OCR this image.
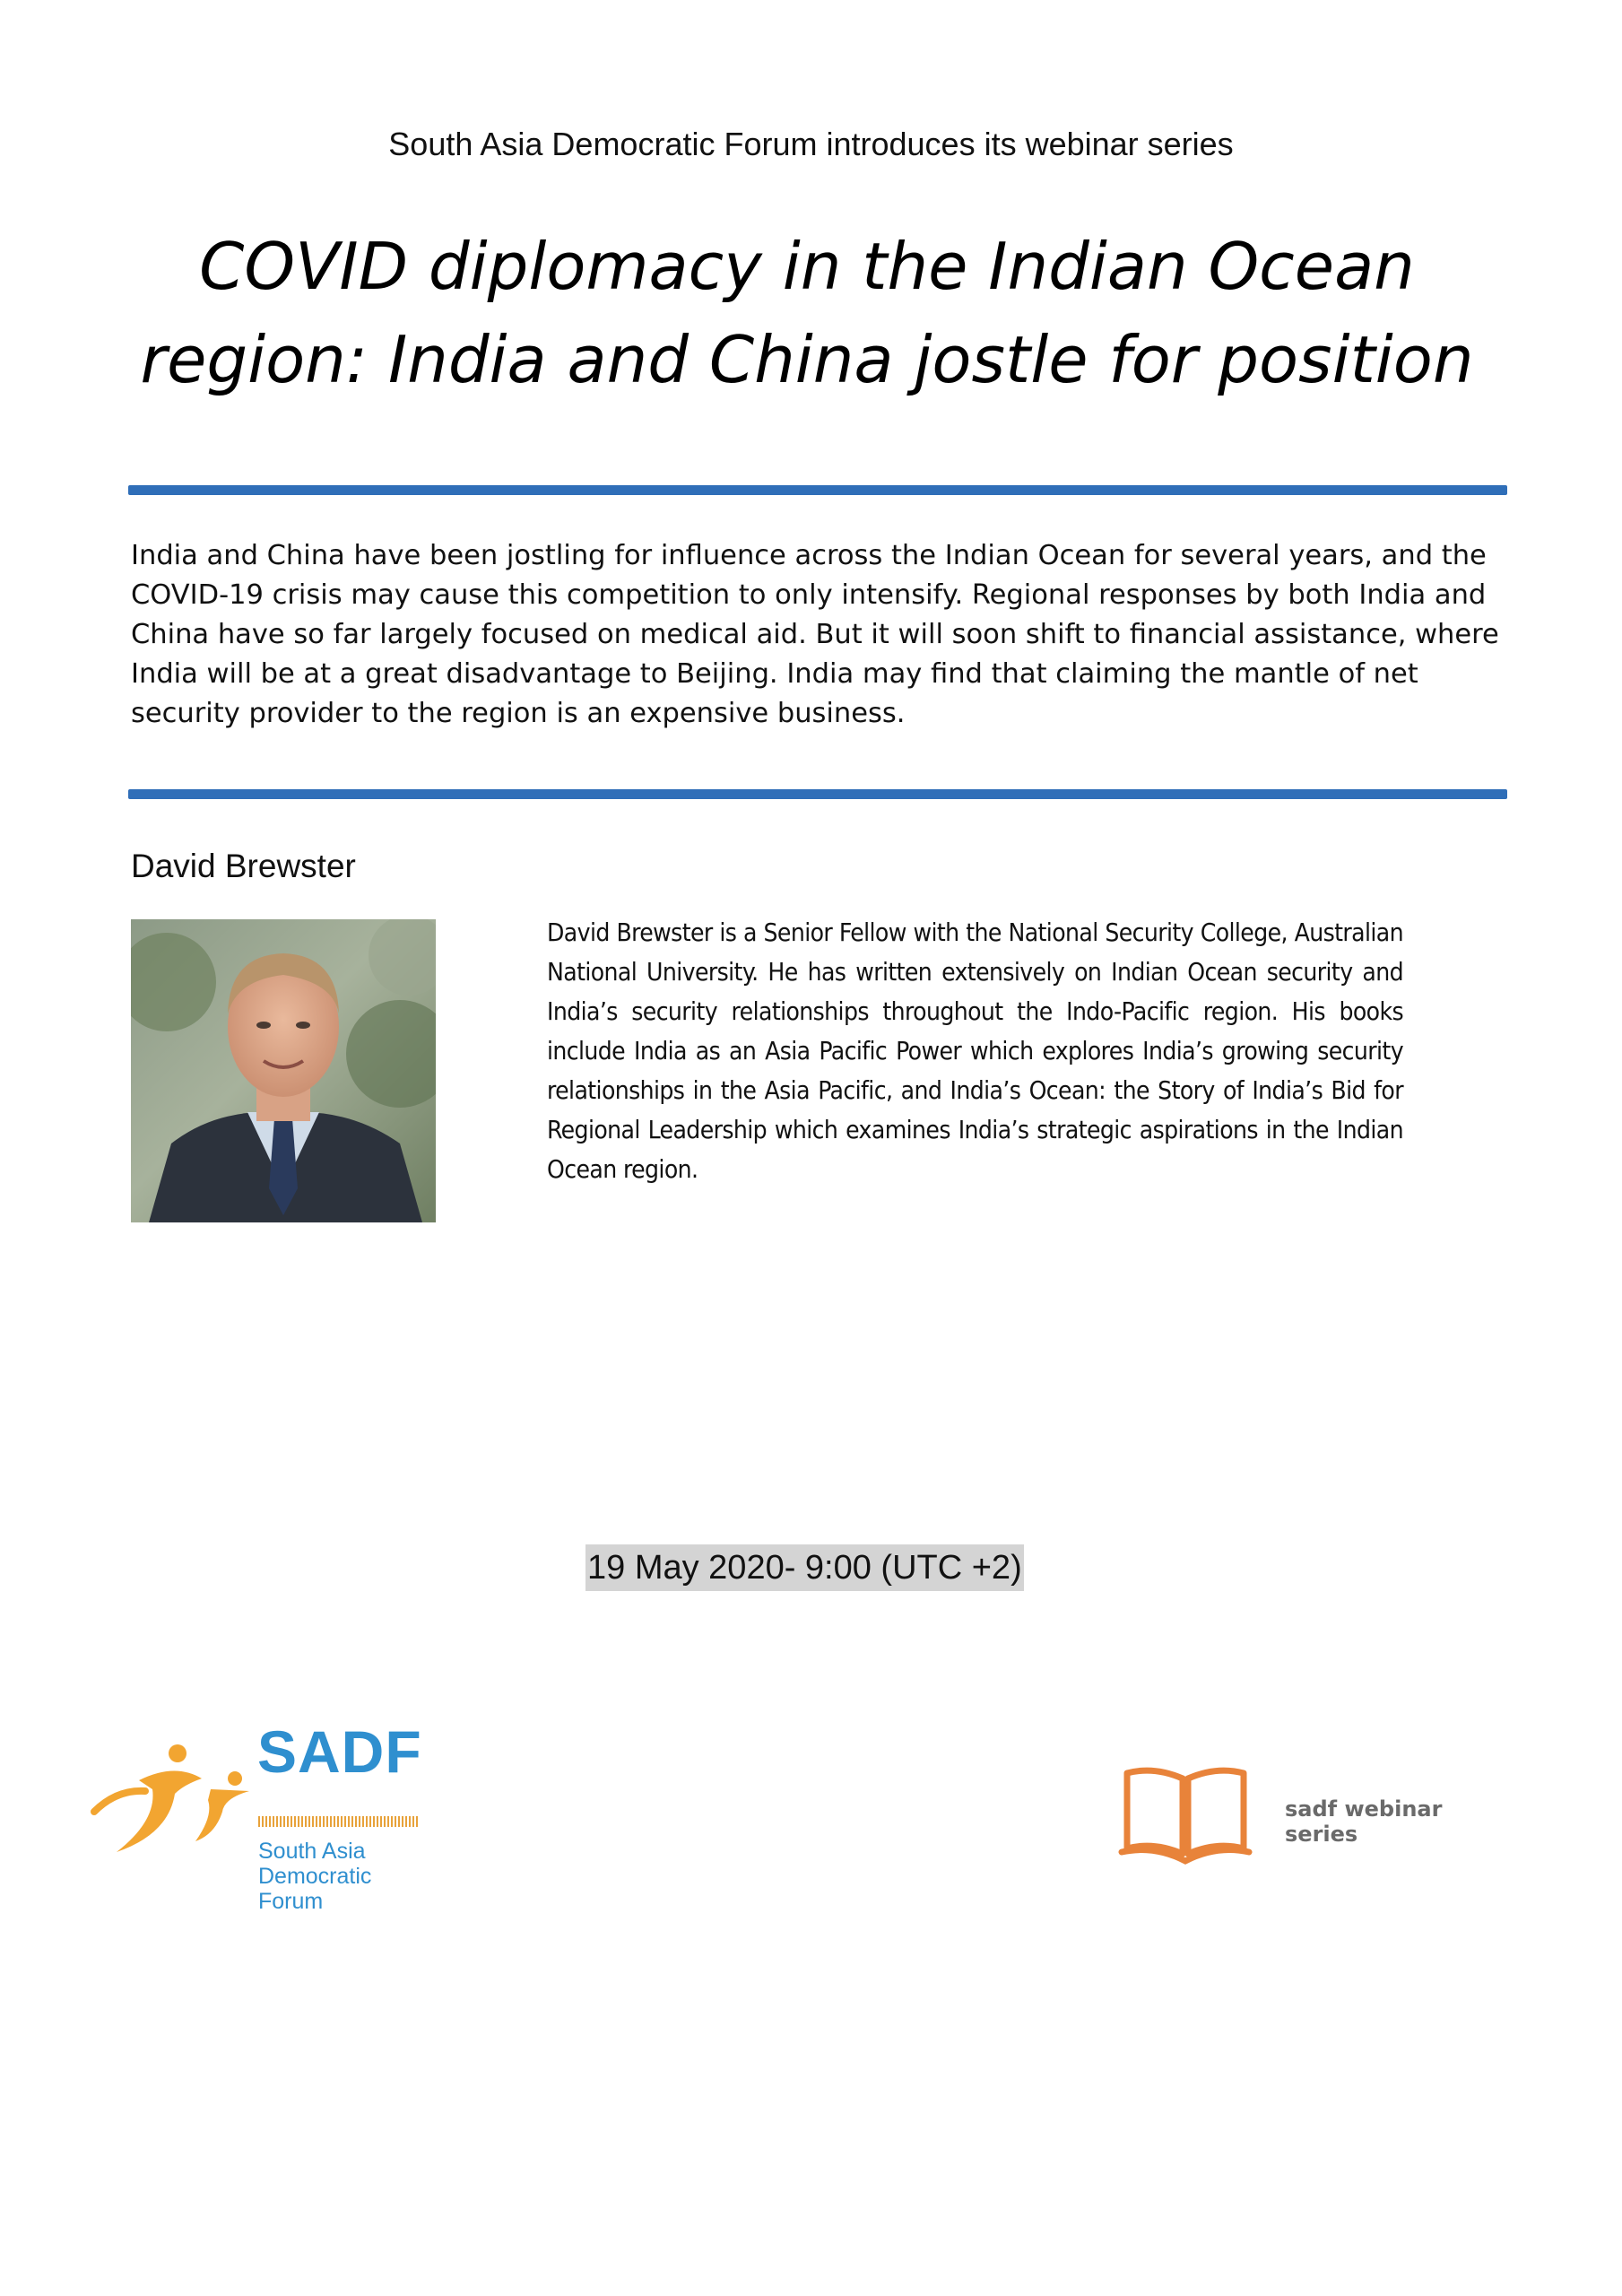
South Asia Democratic Forum introduces its webinar series
COVID diplomacy in the Indian Ocean
region: India and China jostle for position
India and China have been jostling for influence across the Indian Ocean for several years, and the COVID-19 crisis may cause this competition to only intensify. Regional responses by both India and China have so far largely focused on medical aid. But it will soon shift to financial assistance, where India will be at a great disadvantage to Beijing. India may find that claiming the mantle of net security provider to the region is an expensive business.
David Brewster
David Brewster is a Senior Fellow with the National Security College, Australian National University. He has written extensively on Indian Ocean security and India’s security relationships throughout the Indo-Pacific region. His books include India as an Asia Pacific Power which explores India’s growing security relationships in the Asia Pacific, and India’s Ocean: the Story of India’s Bid for Regional Leadership which examines India’s strategic aspirations in the Indian Ocean region.
19 May 2020- 9:00 (UTC +2)
SADF
South Asia
Democratic
Forum
sadf webinar series
